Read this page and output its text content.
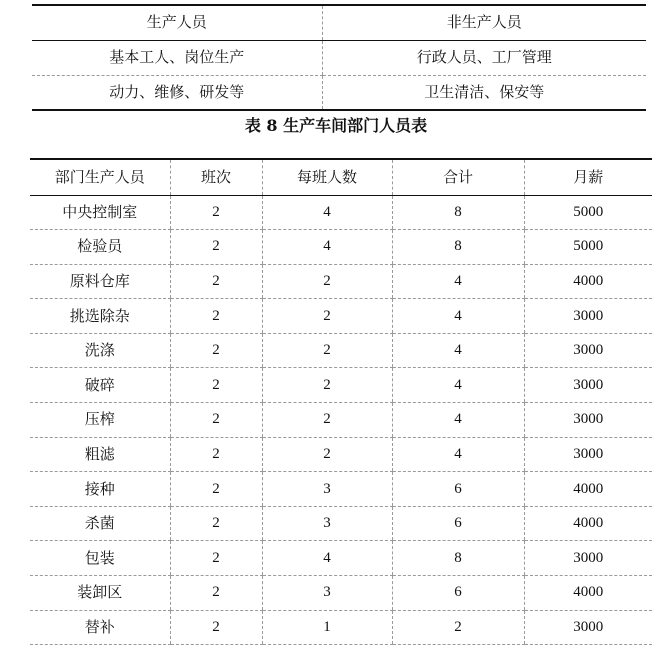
生产人员	非生产人员
基本工人、岗位生产	行政人员、工厂管理
动力、维修、研发等	卫生清洁、保安等
表 8 生产车间部门人员表
部门生产人员	班次	每班人数	合计	月薪
中央控制室	2	4	8	5000
检验员	2	4	8	5000
原料仓库	2	2	4	4000
挑选除杂	2	2	4	3000
洗涤	2	2	4	3000
破碎	2	2	4	3000
压榨	2	2	4	3000
粗滤	2	2	4	3000
接种	2	3	6	4000
杀菌	2	3	6	4000
包装	2	4	8	3000
装卸区	2	3	6	4000
替补	2	1	2	3000
